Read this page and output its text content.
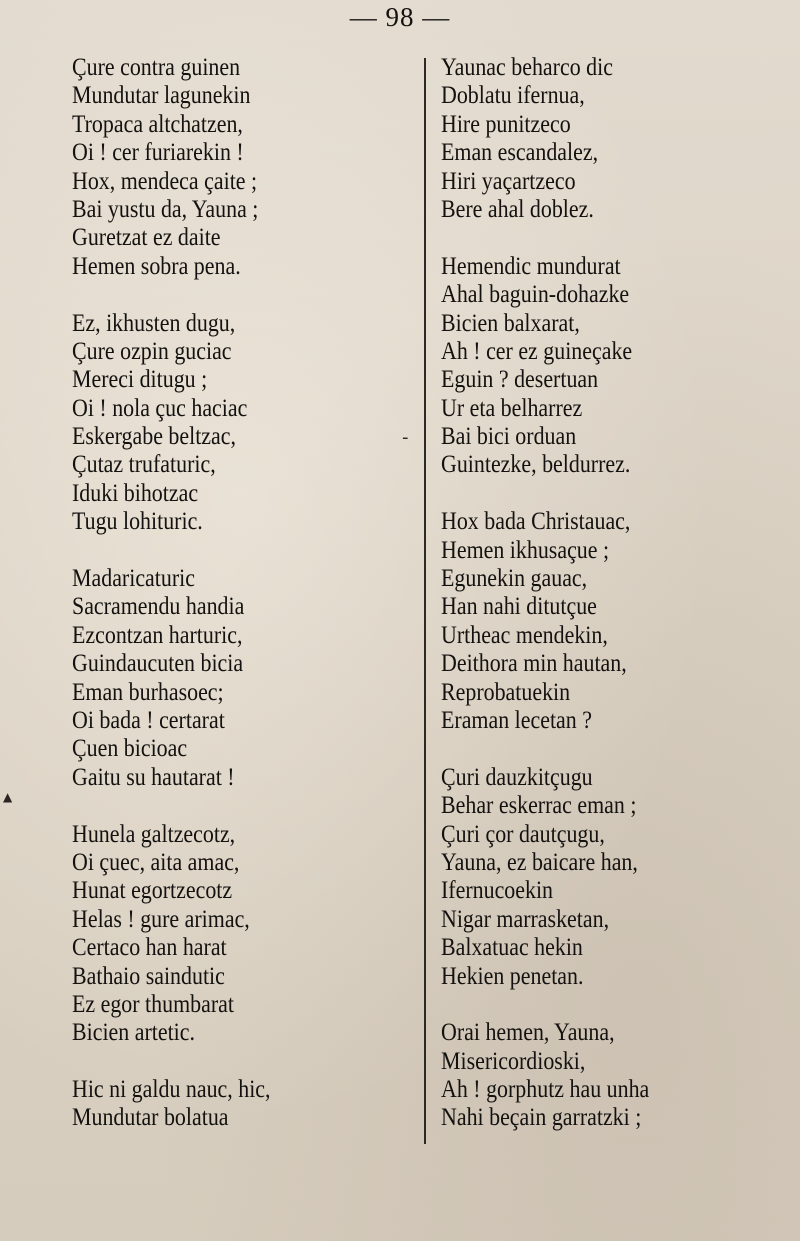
— 98 —
Çure contra guinen
Mundutar lagunekin
Tropaca altchatzen,
Oi ! cer furiarekin !
Hox, mendeca çaite ;
Bai yustu da, Yauna ;
Guretzat ez daite
Hemen sobra pena.
Ez, ikhusten dugu,
Çure ozpin guciac
Mereci ditugu ;
Oi ! nola çuc haciac
Eskergabe beltzac,
Çutaz trufaturic,
Iduki bihotzac
Tugu lohituric.
Madaricaturic
Sacramendu handia
Ezcontzan harturic,
Guindaucuten bicia
Eman burhasoec;
Oi bada ! certarat
Çuen bicioac
Gaitu su hautarat !
Hunela galtzecotz,
Oi çuec, aita amac,
Hunat egortzecotz
Helas ! gure arimac,
Certaco han harat
Bathaio saindutic
Ez egor thumbarat
Bicien artetic.
Hic ni galdu nauc, hic,
Mundutar bolatua
Yaunac beharco dic
Doblatu ifernua,
Hire punitzeco
Eman escandalez,
Hiri yaçartzeco
Bere ahal doblez.
Hemendic mundurat
Ahal baguin-dohazke
Bicien balxarat,
Ah ! cer ez guineçake
Eguin ? desertuan
Ur eta belharrez
Bai bici orduan
Guintezke, beldurrez.
Hox bada Christauac,
Hemen ikhusaçue ;
Egunekin gauac,
Han nahi ditutçue
Urtheac mendekin,
Deithora min hautan,
Reprobatuekin
Eraman lecetan ?
Çuri dauzkitçugu
Behar eskerrac eman ;
Çuri çor dautçugu,
Yauna, ez baicare han,
Ifernucoekin
Nigar marrasketan,
Balxatuac hekin
Hekien penetan.
Orai hemen, Yauna,
Misericordioski,
Ah ! gorphutz hau unha
Nahi beçain garratzki ;
▲
-
